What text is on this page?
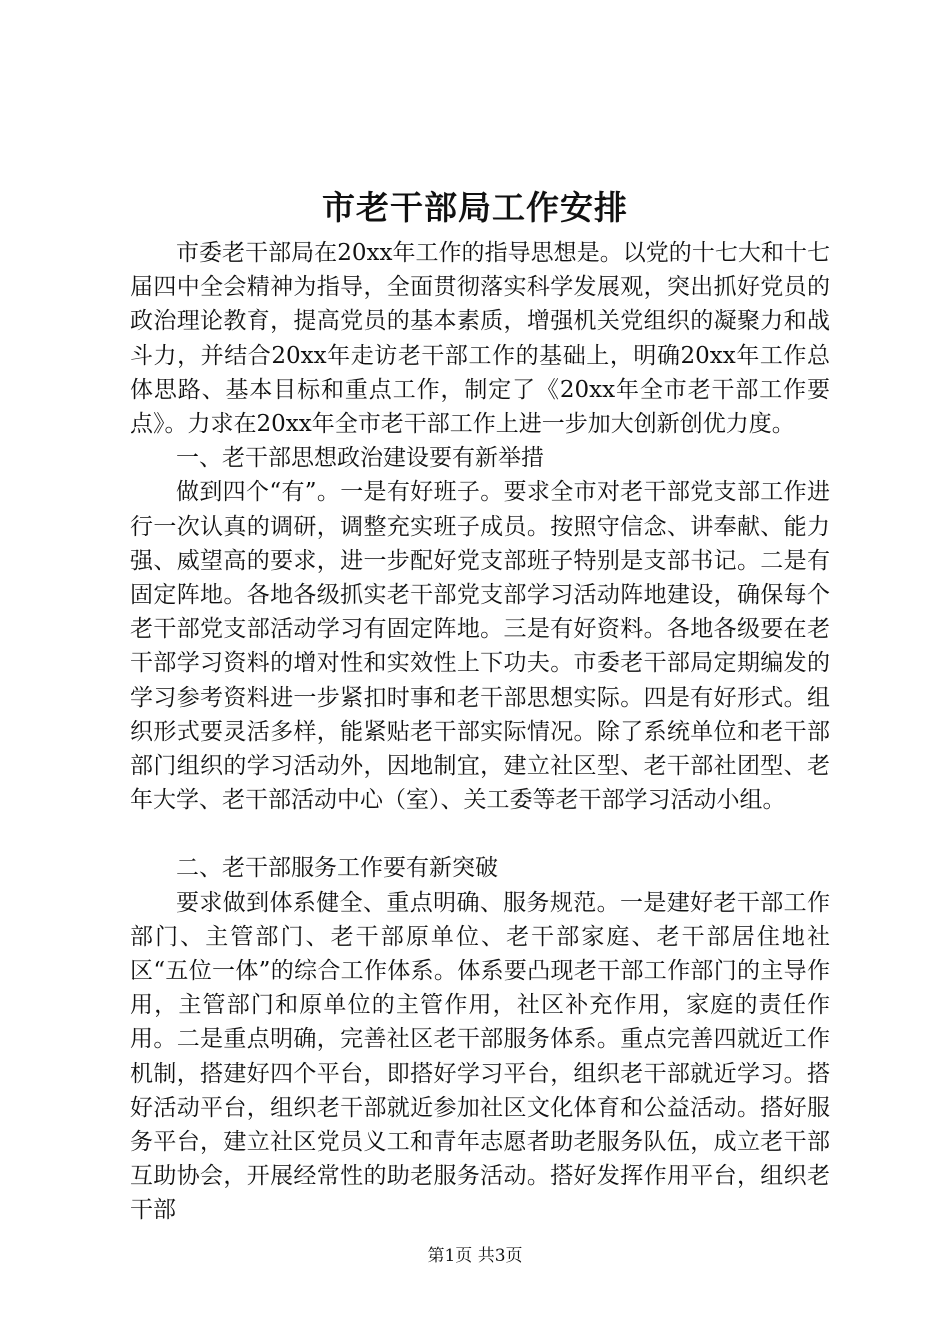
市老干部局工作安排

市委老干部局在20xx年工作的指导思想是。以党的十七大和十七届四中全会精神为指导，全面贯彻落实科学发展观，突出抓好党员的政治理论教育，提高党员的基本素质，增强机关党组织的凝聚力和战斗力，并结合20xx年走访老干部工作的基础上，明确20xx年工作总体思路、基本目标和重点工作，制定了《20xx年全市老干部工作要点》。力求在20xx年全市老干部工作上进一步加大创新创优力度。

一、老干部思想政治建设要有新举措

做到四个“有”。一是有好班子。要求全市对老干部党支部工作进行一次认真的调研，调整充实班子成员。按照守信念、讲奉献、能力强、威望高的要求，进一步配好党支部班子特别是支部书记。二是有固定阵地。各地各级抓实老干部党支部学习活动阵地建设，确保每个老干部党支部活动学习有固定阵地。三是有好资料。各地各级要在老干部学习资料的增对性和实效性上下功夫。市委老干部局定期编发的学习参考资料进一步紧扣时事和老干部思想实际。四是有好形式。组织形式要灵活多样，能紧贴老干部实际情况。除了系统单位和老干部部门组织的学习活动外，因地制宜，建立社区型、老干部社团型、老年大学、老干部活动中心（室）、关工委等老干部学习活动小组。

二、老干部服务工作要有新突破

要求做到体系健全、重点明确、服务规范。一是建好老干部工作部门、主管部门、老干部原单位、老干部家庭、老干部居住地社区“五位一体”的综合工作体系。体系要凸现老干部工作部门的主导作用，主管部门和原单位的主管作用，社区补充作用，家庭的责任作用。二是重点明确，完善社区老干部服务体系。重点完善四就近工作机制，搭建好四个平台，即搭好学习平台，组织老干部就近学习。搭好活动平台，组织老干部就近参加社区文化体育和公益活动。搭好服务平台，建立社区党员义工和青年志愿者助老服务队伍，成立老干部互助协会，开展经常性的助老服务活动。搭好发挥作用平台，组织老干部

第1页 共3页
